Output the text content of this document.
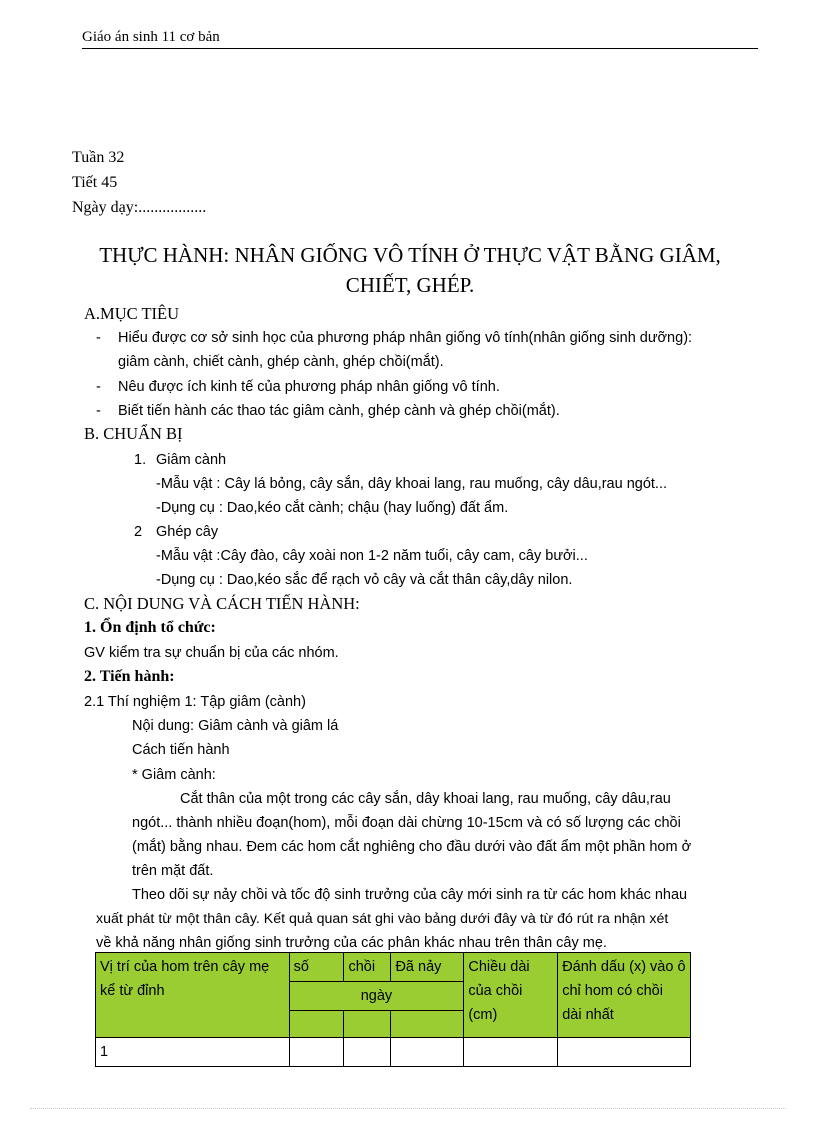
Giáo án sinh 11 cơ bản
Tuần 32
Tiết 45
Ngày dạy:.................
THỰC HÀNH: NHÂN GIỐNG VÔ TÍNH Ở THỰC VẬT BẰNG GIÂM,
CHIẾT, GHÉP.
A.MỤC TIÊU
- Hiểu được cơ sở sinh học của phương pháp nhân giống vô tính(nhân giống sinh dưỡng):
giâm cành, chiết cành, ghép cành, ghép chồi(mắt).
- Nêu được ích kinh tế của phương pháp nhân giống vô tính.
- Biết tiến hành các thao tác giâm cành, ghép cành và ghép chồi(mắt).
B. CHUẨN BỊ
1. Giâm cành
-Mẫu vật : Cây lá bỏng, cây sắn, dây khoai lang, rau muống, cây dâu,rau ngót...
-Dụng cụ : Dao,kéo cắt cành; chậu (hay luống) đất ẩm.
2 Ghép cây
-Mẫu vật :Cây đào, cây xoài non 1-2 năm tuổi, cây cam, cây bưởi...
-Dụng cụ : Dao,kéo sắc để rạch vỏ cây và cắt thân cây,dây nilon.
C. NỘI DUNG VÀ CÁCH TIẾN HÀNH:
1. Ổn định tổ chức:
GV kiểm tra sự chuẩn bị của các nhóm.
2. Tiến hành:
2.1 Thí nghiệm 1: Tập giâm (cành)
Nội dung: Giâm cành và giâm lá
Cách tiến hành
* Giâm cành:
Cắt thân của một trong các cây sắn, dây khoai lang, rau muống, cây dâu,rau
ngót... thành nhiều đoạn(hom), mỗi đoạn dài chừng 10-15cm và có số lượng các chồi
(mắt) bằng nhau. Đem các hom cắt nghiêng cho đầu dưới vào đất ẩm một phần hom ở
trên mặt đất.
Theo dõi sự nảy chồi và tốc độ sinh trưởng của cây mới sinh ra từ các hom khác nhau
xuất phát từ một thân cây. Kết quả quan sát ghi vào bảng dưới đây và từ đó rút ra nhận xét
về khả năng nhân giống sinh trưởng của các phân khác nhau trên thân cây mẹ.
Vị trí của hom trên cây mẹ kể từ đỉnh	số	chồi	Đã nảy	Chiều dài của chồi (cm)	Đánh dấu (x) vào ô chỉ hom có chồi dài nhất
	ngày				

1					
